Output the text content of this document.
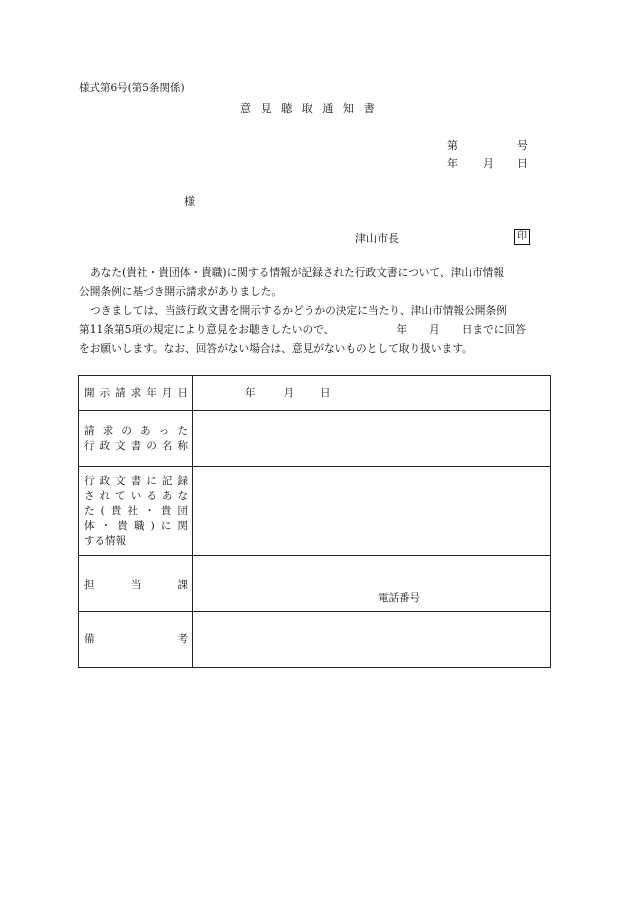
様式第6号(第5条関係)
意見聴取通知書
第	号
年 月 日
様
津山市長	印
あなた(貴社・貴団体・貴職)に関する情報が記録された行政文書について、津山市情報
公開条例に基づき開示請求がありました。
つきましては、当該行政文書を開示するかどうかの決定に当たり、津山市情報公開条例
第11条第5項の規定により意見をお聴きしたいので、	年 月 日までに回答
をお願いします。なお、回答がない場合は、意見がないものとして取り扱います。
開示請求年月日	年 月 日

請求のあった
行政文書の名称	

行政文書に記録
されているあな
た(貴社・貴団
体・貴職)に関
する情報	

担当課	電話番号

備考	
